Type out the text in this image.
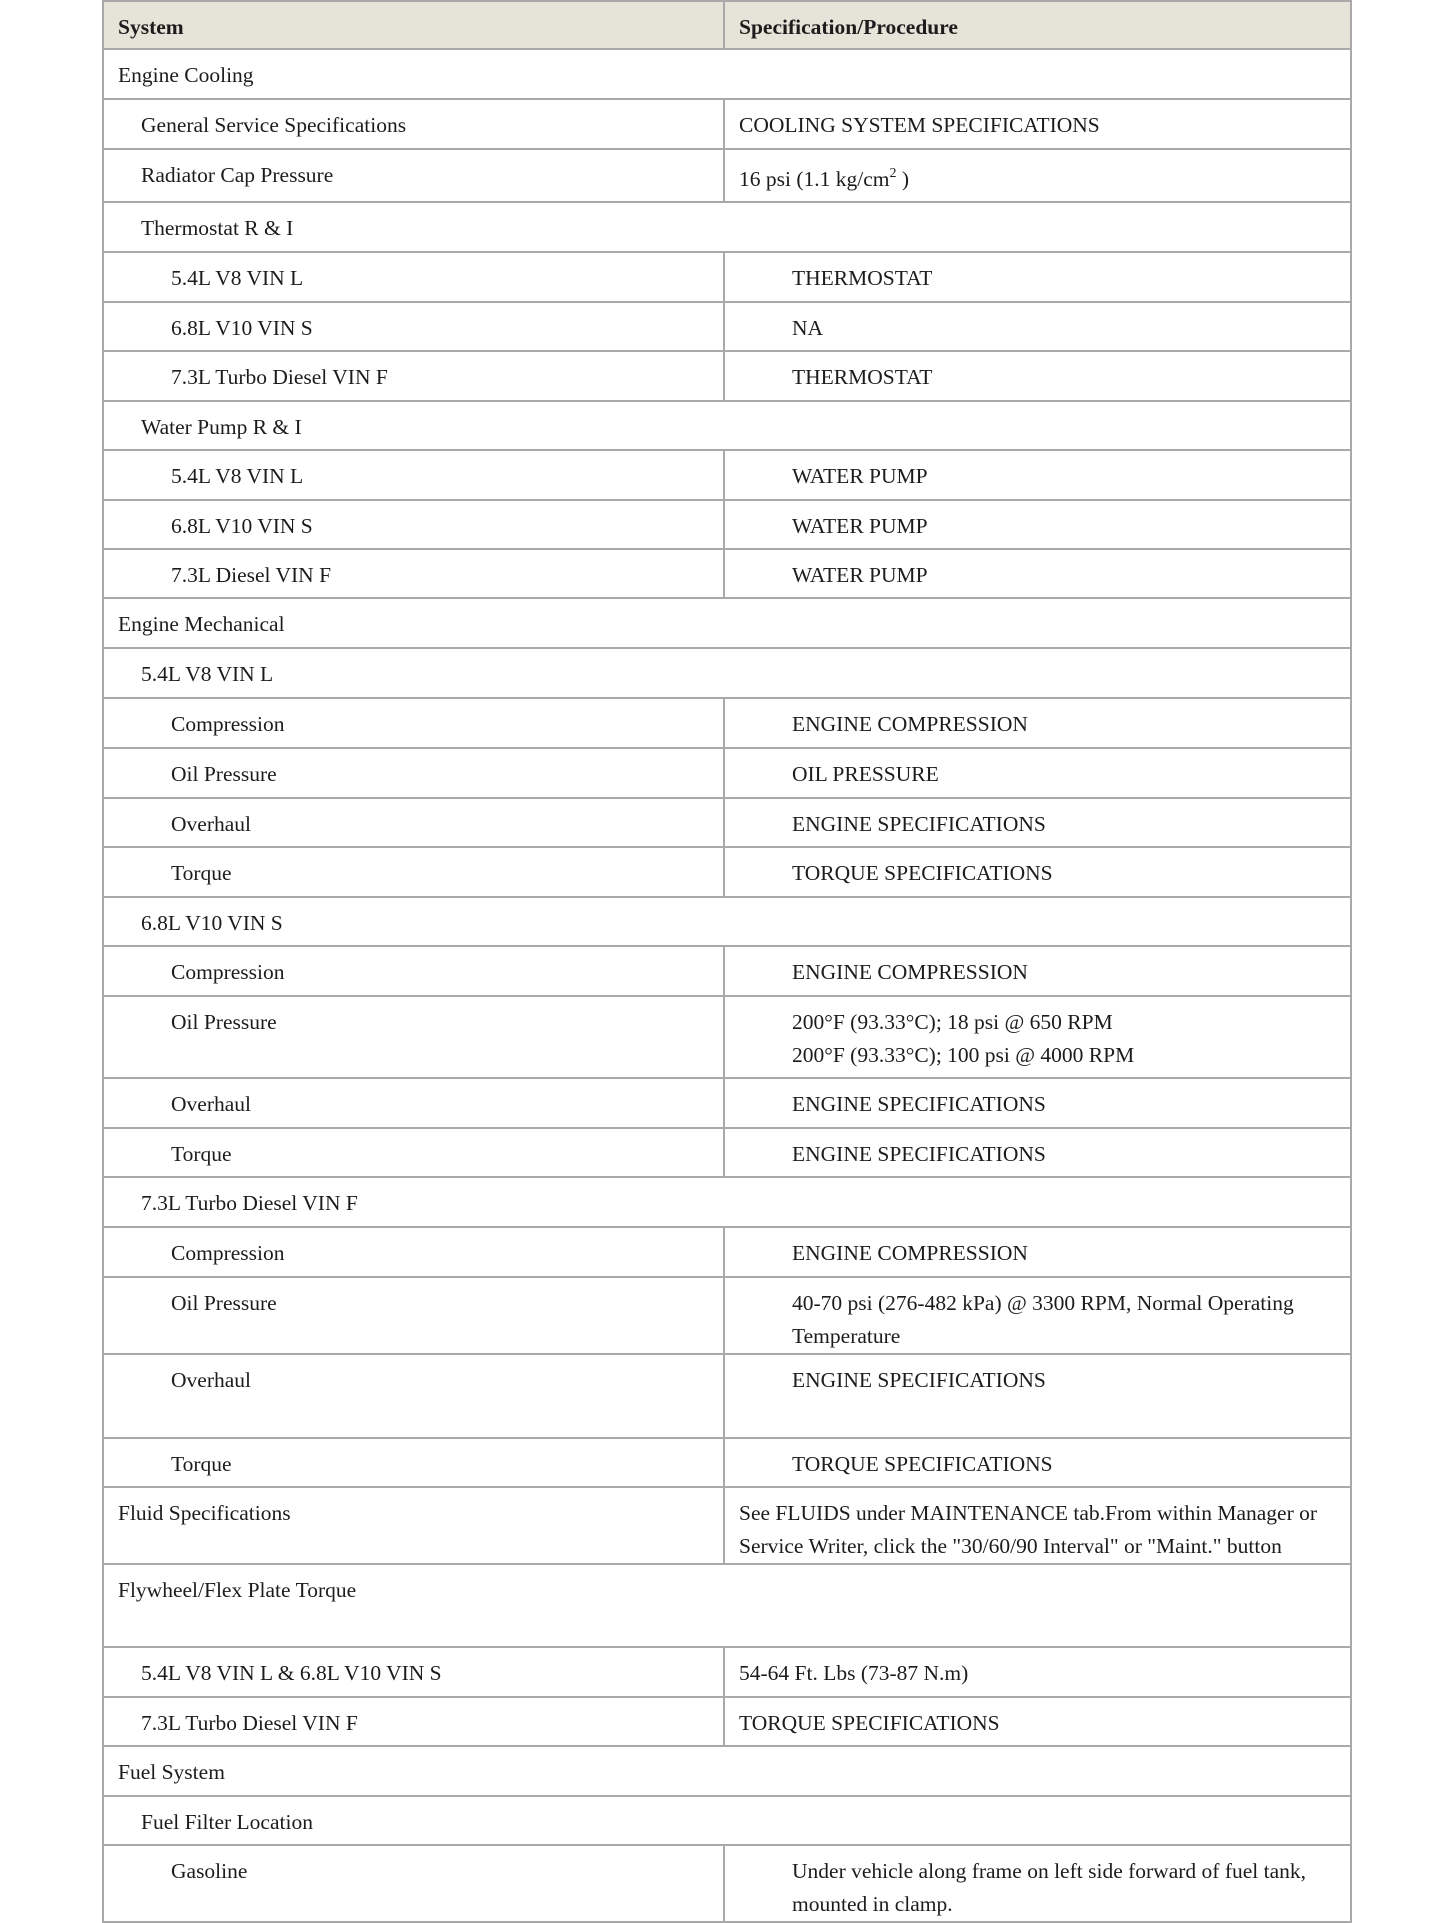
System	Specification/Procedure
Engine Cooling	
General Service Specifications	COOLING SYSTEM SPECIFICATIONS
Radiator Cap Pressure	16 psi (1.1 $kg/cm^2$ )
Thermostat R & I	
5.4L V8 VIN L	THERMOSTAT
6.8L V10 VIN S	NA
7.3L Turbo Diesel VIN F	THERMOSTAT
Water Pump R & I	
5.4L V8 VIN L	WATER PUMP
6.8L V10 VIN S	WATER PUMP
7.3L Diesel VIN F	WATER PUMP
Engine Mechanical	
5.4L V8 VIN L	
Compression	ENGINE COMPRESSION
Oil Pressure	OIL PRESSURE
Overhaul	ENGINE SPECIFICATIONS
Torque	TORQUE SPECIFICATIONS
6.8L V10 VIN S	
Compression	ENGINE COMPRESSION
Oil Pressure	200°F (93.33°C); 18 psi @ 650 RPM
200°F (93.33°C); 100 psi @ 4000 RPM

Overhaul	ENGINE SPECIFICATIONS
Torque	ENGINE SPECIFICATIONS
7.3L Turbo Diesel VIN F	
Compression	ENGINE COMPRESSION
Oil Pressure	40-70 psi (276-482 kPa) @ 3300 RPM, Normal Operating
Temperature

Overhaul	ENGINE SPECIFICATIONS
Torque	TORQUE SPECIFICATIONS
Fluid Specifications	See FLUIDS under MAINTENANCE tab.From within Manager or
Service Writer, click the "30/60/90 Interval" or "Maint." button

Flywheel/Flex Plate Torque	
5.4L V8 VIN L & 6.8L V10 VIN S	54-64 Ft. Lbs (73-87 N.m)
7.3L Turbo Diesel VIN F	TORQUE SPECIFICATIONS
Fuel System	
Fuel Filter Location	
Gasoline	Under vehicle along frame on left side forward of fuel tank,
mounted in clamp.
